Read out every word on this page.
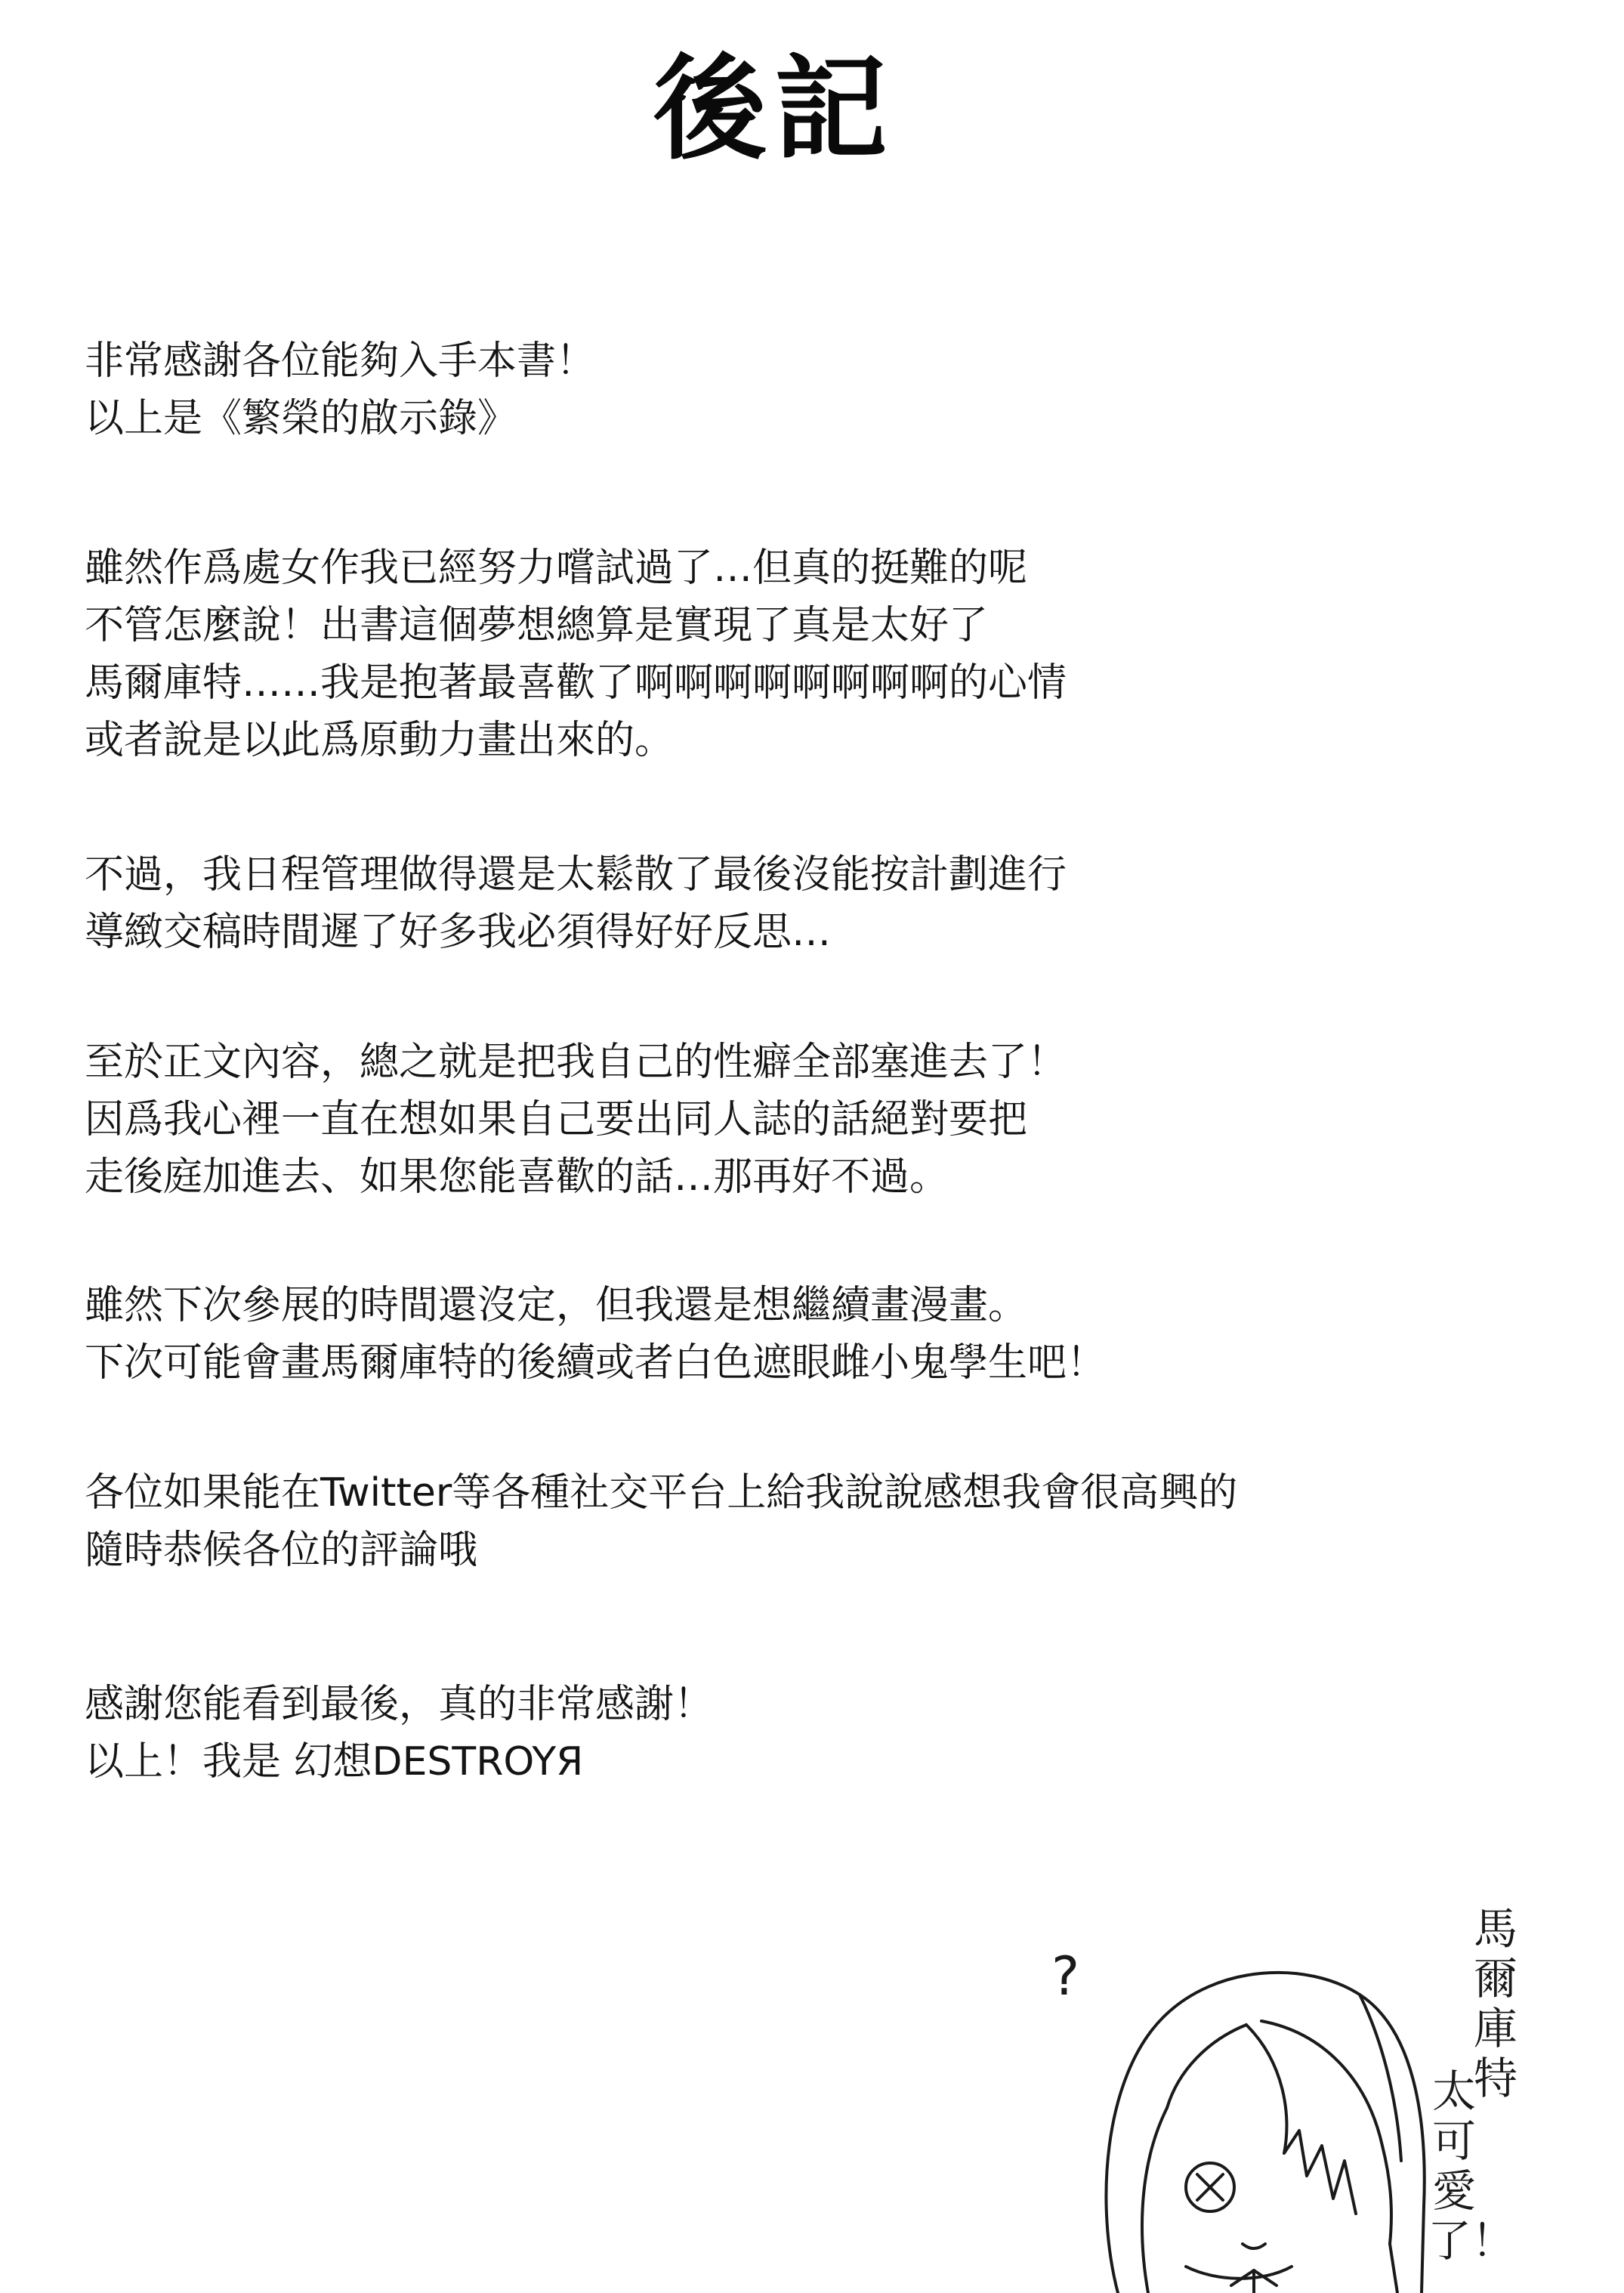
後記
非常感謝各位能夠入手本書！
以上是《繁榮的啟示錄》
雖然作爲處女作我已經努力嚐試過了…但真的挺難的呢
不管怎麼說！出書這個夢想總算是實現了真是太好了
馬爾庫特……我是抱著最喜歡了啊啊啊啊啊啊啊啊的心情
或者說是以此爲原動力畫出來的。
不過，我日程管理做得還是太鬆散了最後沒能按計劃進行
導緻交稿時間遲了好多我必須得好好反思…
至於正文內容，總之就是把我自己的性癖全部塞進去了！
因爲我心裡一直在想如果自己要出同人誌的話絕對要把
走後庭加進去、如果您能喜歡的話…那再好不過。
雖然下次參展的時間還沒定，但我還是想繼續畫漫畫。
下次可能會畫馬爾庫特的後續或者白色遮眼雌小鬼學生吧！
各位如果能在Twitter等各種社交平台上給我說說感想我會很高興的
隨時恭候各位的評論哦
感謝您能看到最後，真的非常感謝！
以上！我是 幻想DESTROYЯ
?
馬爾庫特
太可愛了！
